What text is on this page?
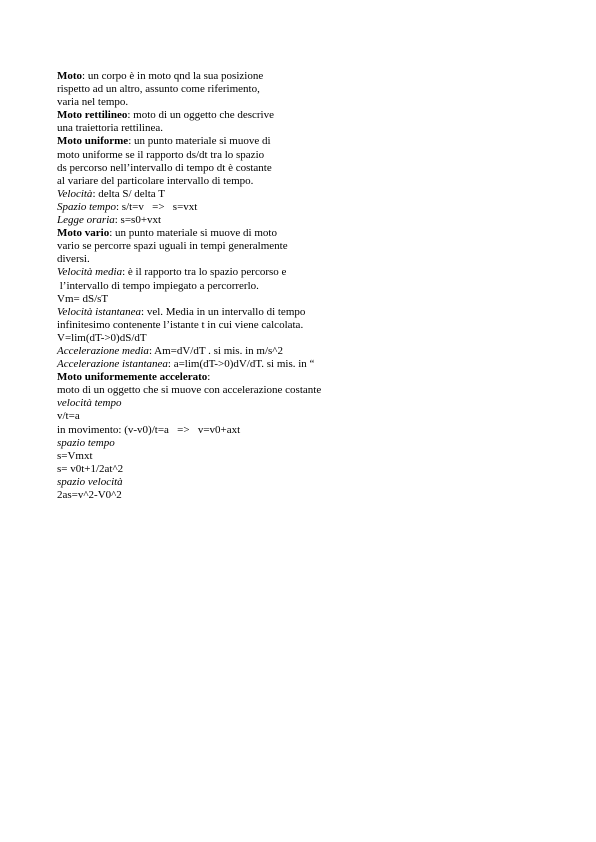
Moto: un corpo è in moto qnd la sua posizione
rispetto ad un altro, assunto come riferimento,
varia nel tempo.
Moto rettilineo: moto di un oggetto che descrive
una traiettoria rettilinea.
Moto uniforme: un punto materiale si muove di
moto uniforme se il rapporto ds/dt tra lo spazio
ds percorso nell’intervallo di tempo dt è costante
al variare del particolare intervallo di tempo.
Velocità: delta S/ delta T
Spazio tempo: s/t=v   =>   s=vxt
Legge oraria: s=s0+vxt
Moto vario: un punto materiale si muove di moto
vario se percorre spazi uguali in tempi generalmente
diversi.
Velocità media: è il rapporto tra lo spazio percorso e
l’intervallo di tempo impiegato a percorrerlo.
Vm= dS/sT
Velocità istantanea: vel. Media in un intervallo di tempo
infinitesimo contenente l’istante t in cui viene calcolata.
V=lim(dT->0)dS/dT
Accelerazione media: Am=dV/dT . si mis. in m/s^2
Accelerazione istantanea: a=lim(dT->0)dV/dT. si mis. in “
Moto uniformemente accelerato:
moto di un oggetto che si muove con accelerazione costante
velocità tempo
v/t=a
in movimento: (v-v0)/t=a   =>   v=v0+axt
spazio tempo
s=Vmxt
s= v0t+1/2at^2
spazio velocità
2as=v^2-V0^2
